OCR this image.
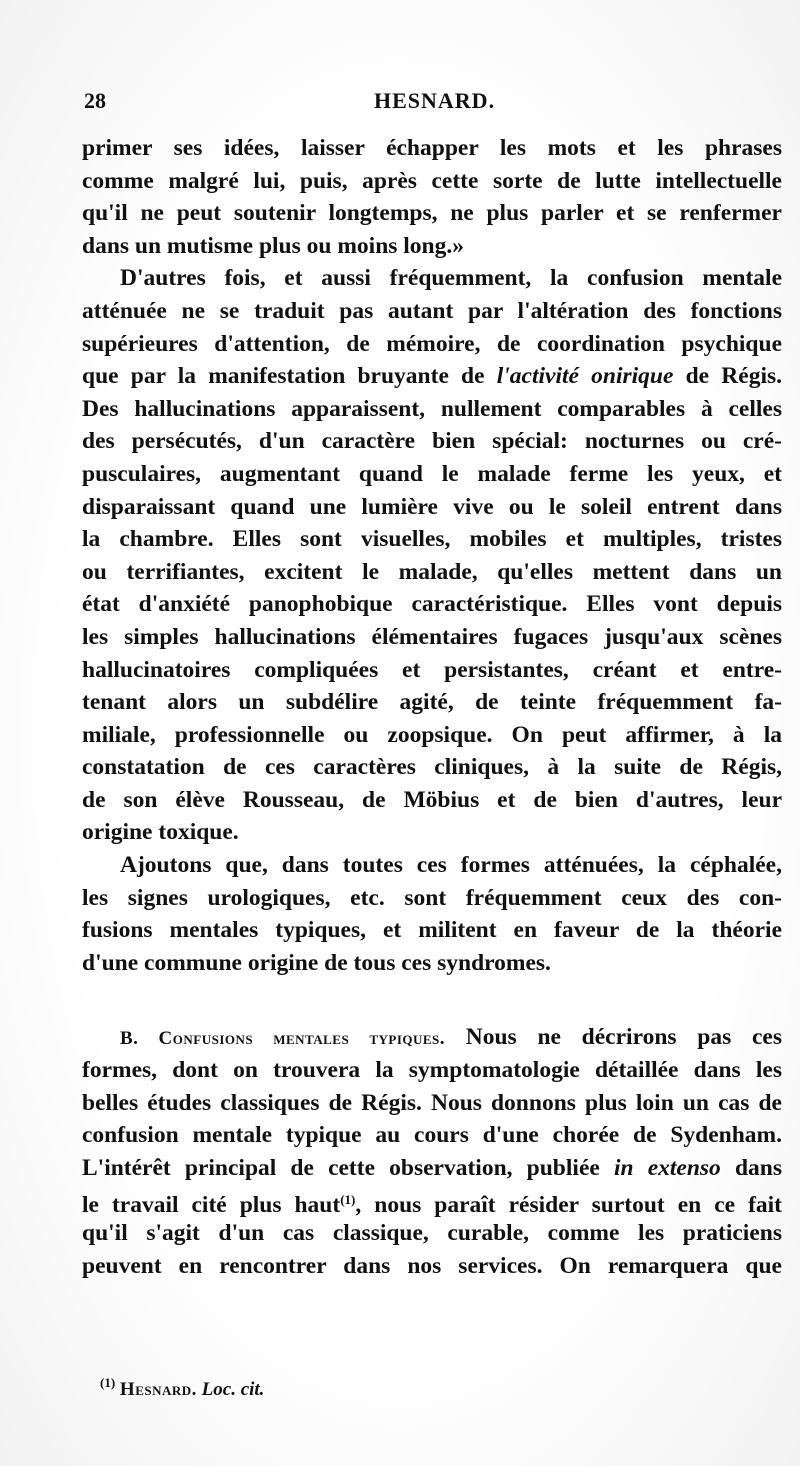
28	HESNARD.
primer ses idées, laisser échapper les mots et les phrases
comme malgré lui, puis, après cette sorte de lutte intellectuelle
qu'il ne peut soutenir longtemps, ne plus parler et se renfermer
dans un mutisme plus ou moins long.»
D'autres fois, et aussi fréquemment, la confusion mentale
atténuée ne se traduit pas autant par l'altération des fonctions
supérieures d'attention, de mémoire, de coordination psychique
que par la manifestation bruyante de l'activité onirique de Régis.
Des hallucinations apparaissent, nullement comparables à celles
des persécutés, d'un caractère bien spécial: nocturnes ou cré-
pusculaires, augmentant quand le malade ferme les yeux, et
disparaissant quand une lumière vive ou le soleil entrent dans
la chambre. Elles sont visuelles, mobiles et multiples, tristes
ou terrifiantes, excitent le malade, qu'elles mettent dans un
état d'anxiété panophobique caractéristique. Elles vont depuis
les simples hallucinations élémentaires fugaces jusqu'aux scènes
hallucinatoires compliquées et persistantes, créant et entre-
tenant alors un subdélire agité, de teinte fréquemment fa-
miliale, professionnelle ou zoopsique. On peut affirmer, à la
constatation de ces caractères cliniques, à la suite de Régis,
de son élève Rousseau, de Möbius et de bien d'autres, leur
origine toxique.
Ajoutons que, dans toutes ces formes atténuées, la céphalée,
les signes urologiques, etc. sont fréquemment ceux des con-
fusions mentales typiques, et militent en faveur de la théorie
d'une commune origine de tous ces syndromes.
B. Confusions mentales typiques. Nous ne décrirons pas ces
formes, dont on trouvera la symptomatologie détaillée dans les
belles études classiques de Régis. Nous donnons plus loin un cas de
confusion mentale typique au cours d'une chorée de Sydenham.
L'intérêt principal de cette observation, publiée in extenso dans
le travail cité plus haut$^{(1)}$, nous paraît résider surtout en ce fait
qu'il s'agit d'un cas classique, curable, comme les praticiens
peuvent en rencontrer dans nos services. On remarquera que
$^{(1)}$ Hesnard. Loc. cit.
